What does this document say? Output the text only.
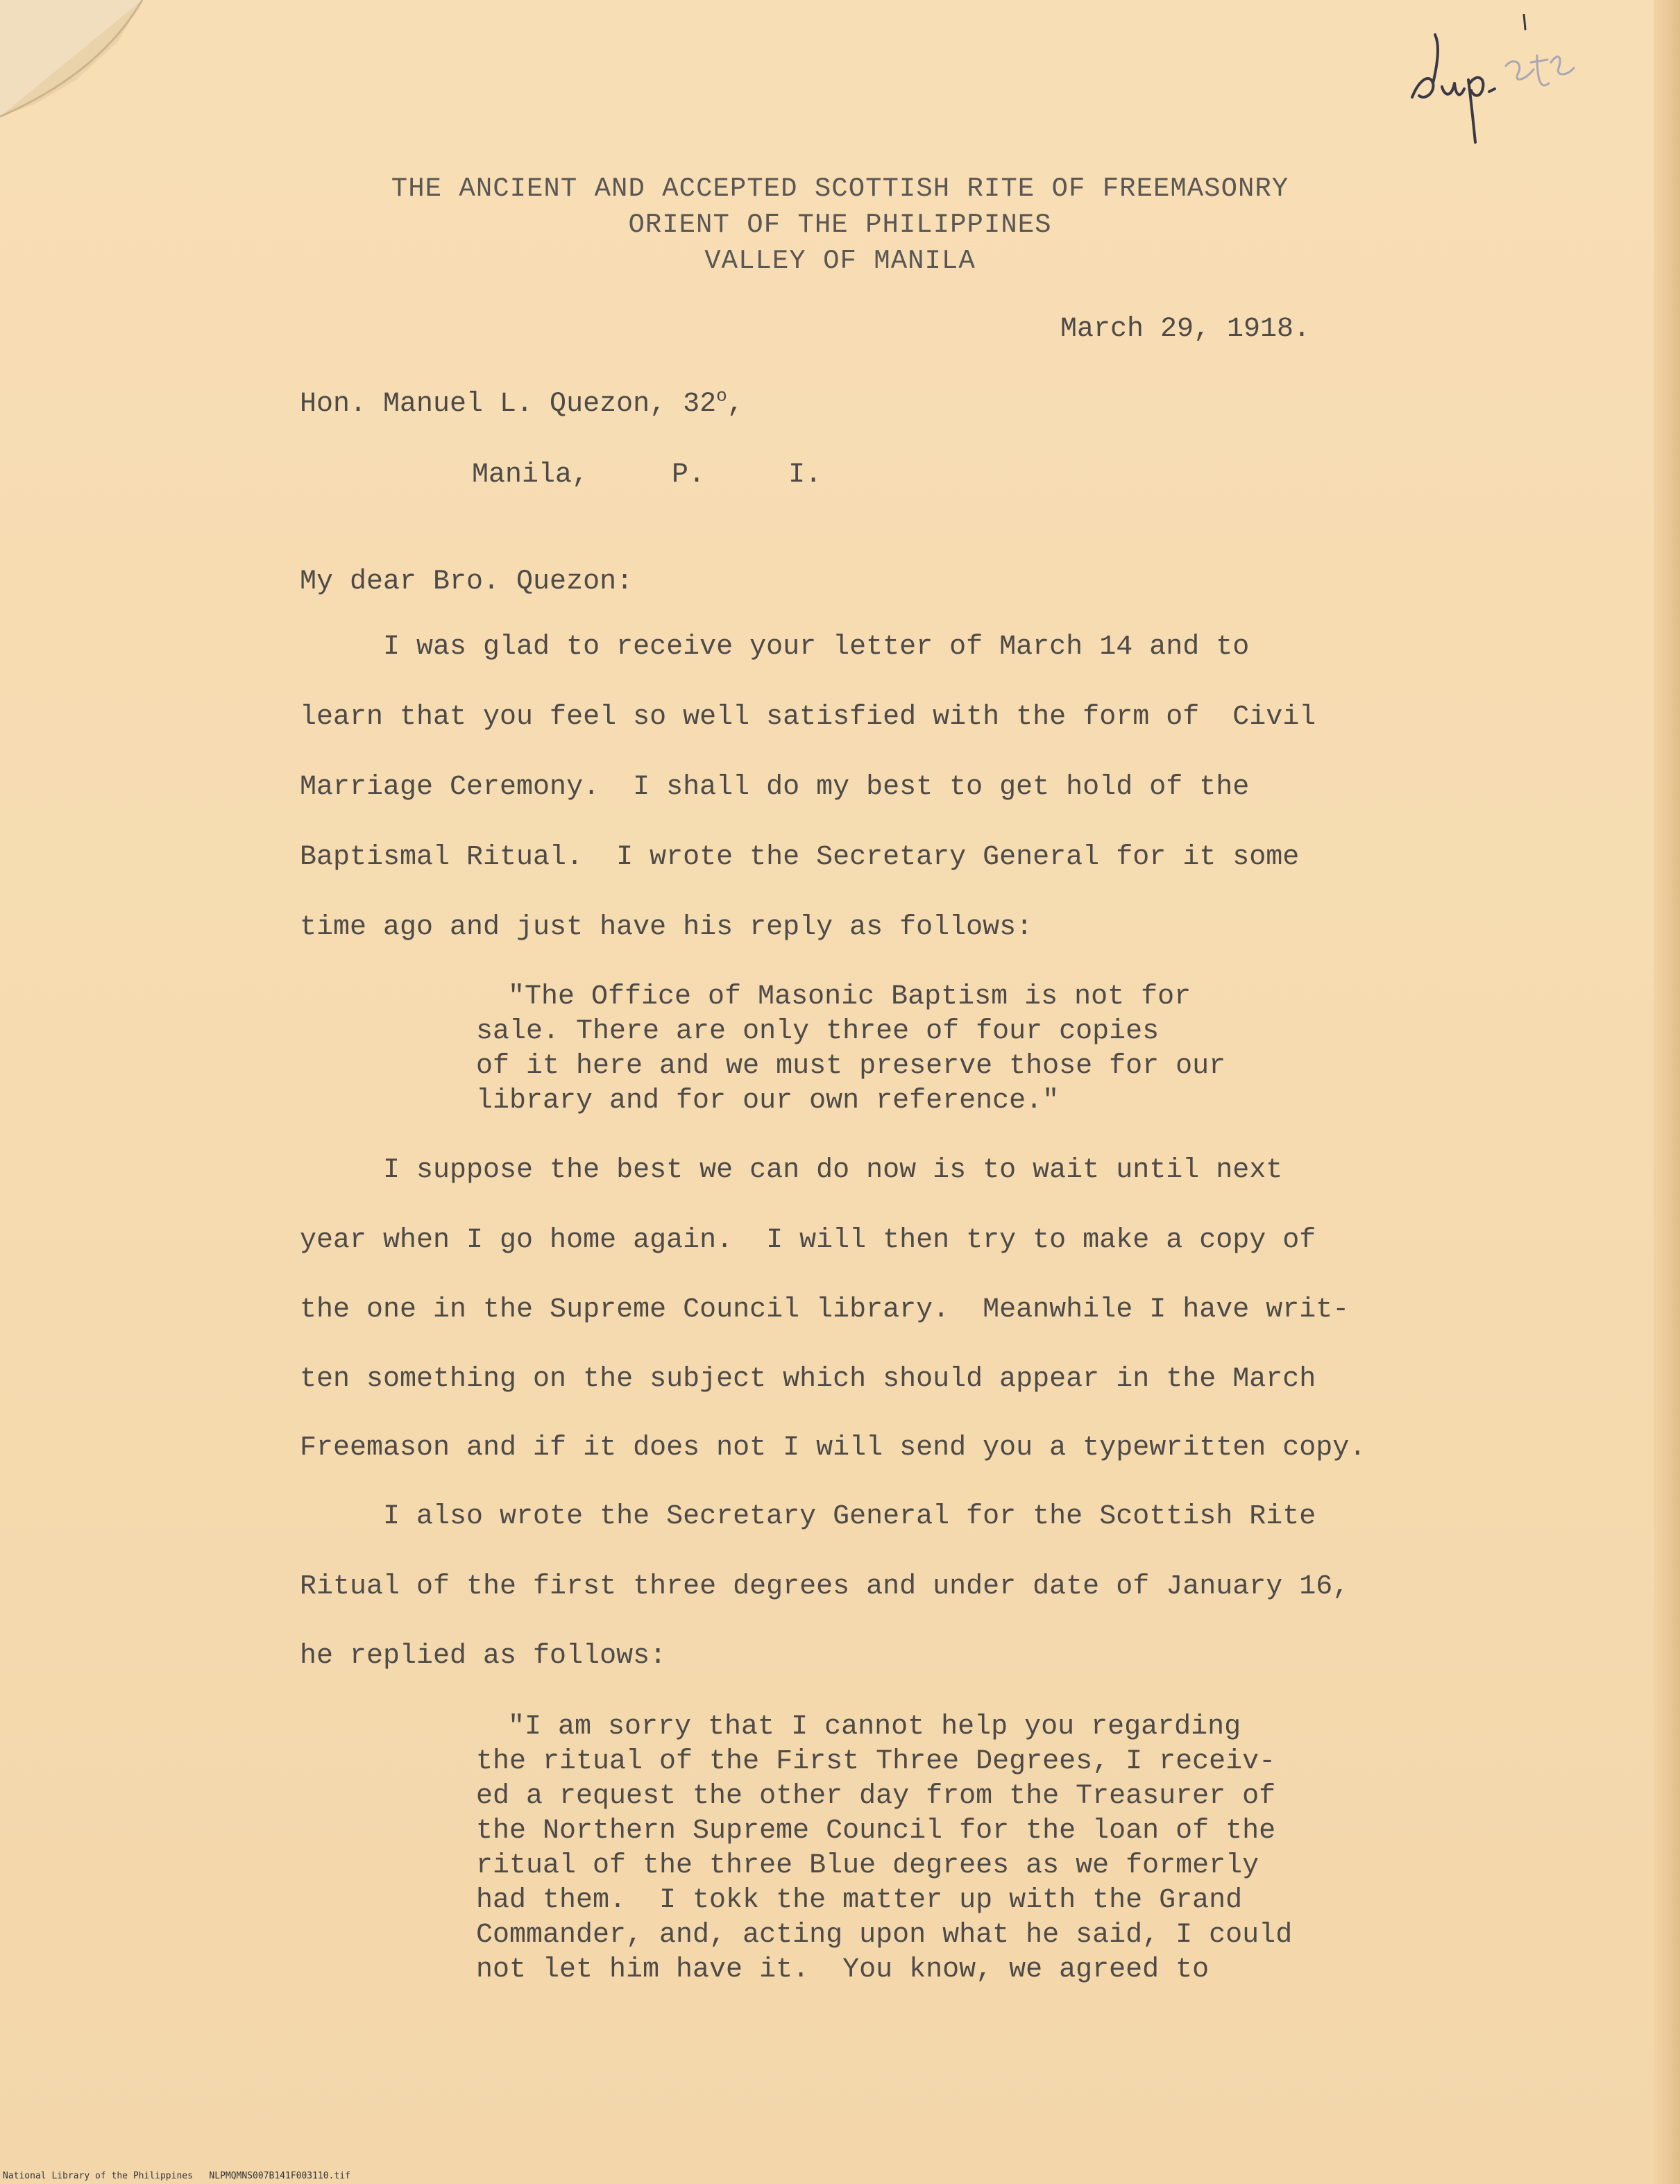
THE ANCIENT AND ACCEPTED SCOTTISH RITE OF FREEMASONRY
ORIENT OF THE PHILIPPINES
VALLEY OF MANILA
March 29, 1918.
Hon. Manuel L. Quezon, 32$^o$,
Manila,     P.     I.
My dear Bro. Quezon:
I was glad to receive your letter of March 14 and to
learn that you feel so well satisfied with the form of  Civil
Marriage Ceremony.  I shall do my best to get hold of the
Baptismal Ritual.  I wrote the Secretary General for it some
time ago and just have his reply as follows:
"The Office of Masonic Baptism is not for
sale. There are only three of four copies
of it here and we must preserve those for our
library and for our own reference."
I suppose the best we can do now is to wait until next
year when I go home again.  I will then try to make a copy of
the one in the Supreme Council library.  Meanwhile I have writ-
ten something on the subject which should appear in the March
Freemason and if it does not I will send you a typewritten copy.
I also wrote the Secretary General for the Scottish Rite
Ritual of the first three degrees and under date of January 16,
he replied as follows:
"I am sorry that I cannot help you regarding
the ritual of the First Three Degrees, I receiv-
ed a request the other day from the Treasurer of
the Northern Supreme Council for the loan of the
ritual of the three Blue degrees as we formerly
had them.  I tokk the matter up with the Grand
Commander, and, acting upon what he said, I could
not let him have it.  You know, we agreed to
National Library of the Philippines   NLPMQMNS007B141F003110.tif
